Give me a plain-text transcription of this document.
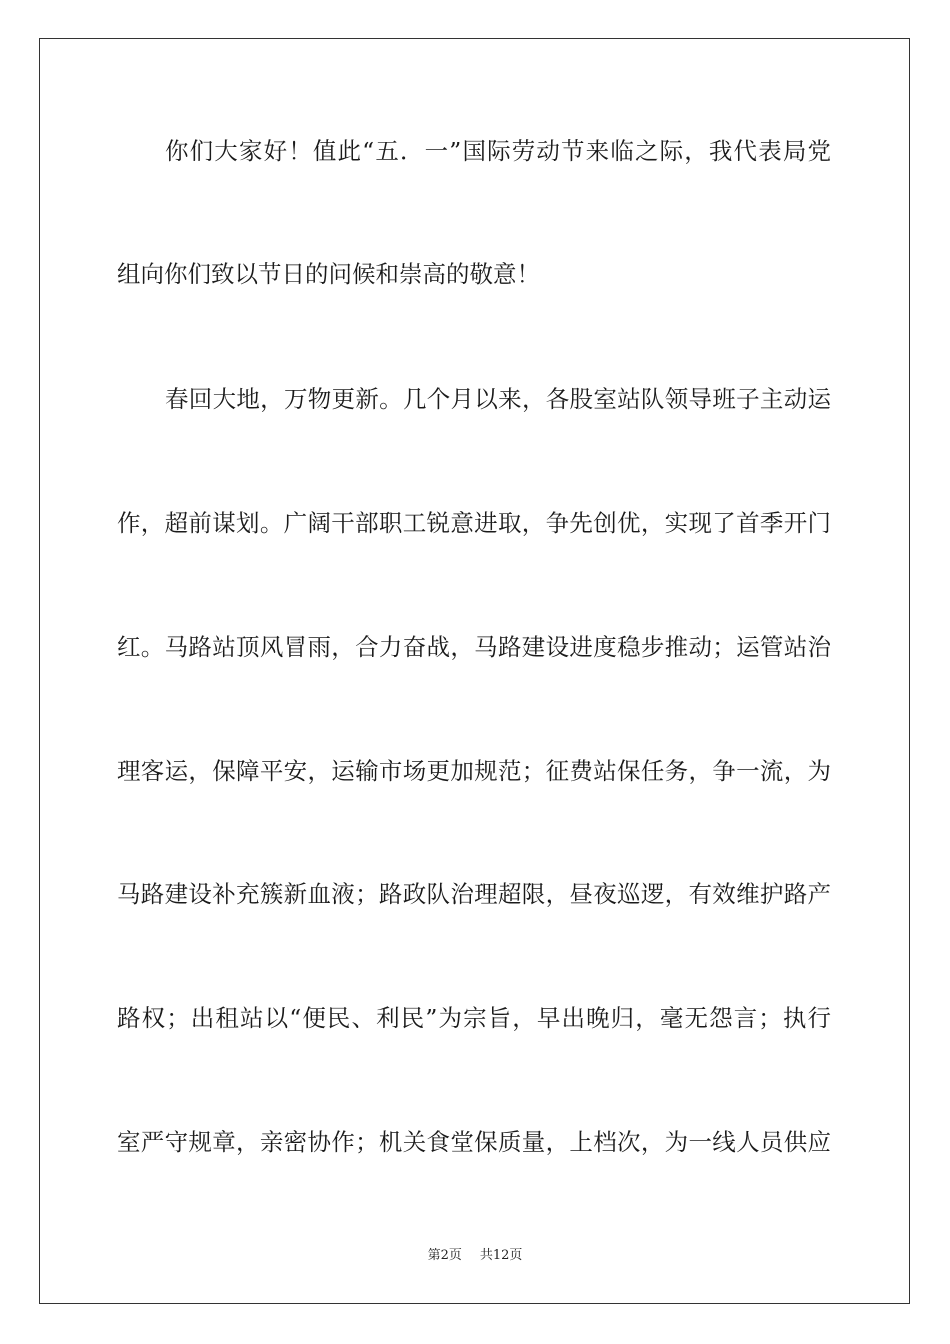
你们大家好！值此“五．一”国际劳动节来临之际，我代表局党
组向你们致以节日的问候和崇高的敬意！
春回大地，万物更新。几个月以来，各股室站队领导班子主动运
作，超前谋划。广阔干部职工锐意进取，争先创优，实现了首季开门
红。马路站顶风冒雨，合力奋战，马路建设进度稳步推动；运管站治
理客运，保障平安，运输市场更加规范；征费站保任务，争一流，为
马路建设补充簇新血液；路政队治理超限，昼夜巡逻，有效维护路产
路权；出租站以“便民、利民”为宗旨，早出晚归，毫无怨言；执行
室严守规章，亲密协作；机关食堂保质量，上档次，为一线人员供应
第2页 共12页
